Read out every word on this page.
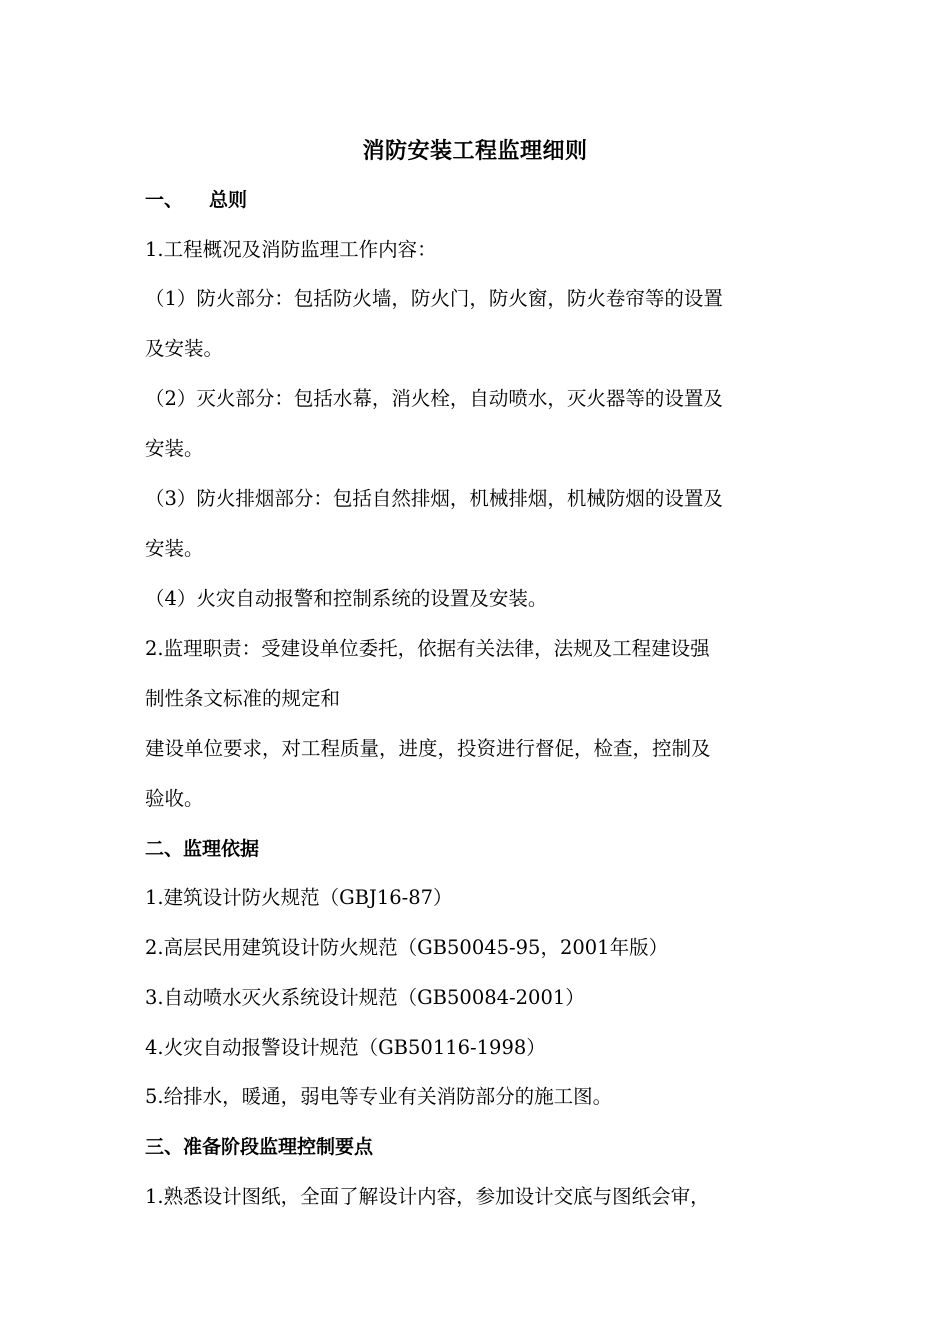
消防安装工程监理细则
一、 总则
1.工程概况及消防监理工作内容：
（1）防火部分：包括防火墙，防火门，防火窗，防火卷帘等的设置
及安装。
（2）灭火部分：包括水幕，消火栓，自动喷水，灭火器等的设置及
安装。
（3）防火排烟部分：包括自然排烟，机械排烟，机械防烟的设置及
安装。
（4）火灾自动报警和控制系统的设置及安装。
2.监理职责：受建设单位委托，依据有关法律，法规及工程建设强
制性条文标准的规定和
建设单位要求，对工程质量，进度，投资进行督促，检查，控制及
验收。
二、监理依据
1.建筑设计防火规范（GBJ16-87）
2.高层民用建筑设计防火规范（GB50045-95，2001年版）
3.自动喷水灭火系统设计规范（GB50084-2001）
4.火灾自动报警设计规范（GB50116-1998）
5.给排水，暖通，弱电等专业有关消防部分的施工图。
三、准备阶段监理控制要点
1.熟悉设计图纸，全面了解设计内容，参加设计交底与图纸会审，
